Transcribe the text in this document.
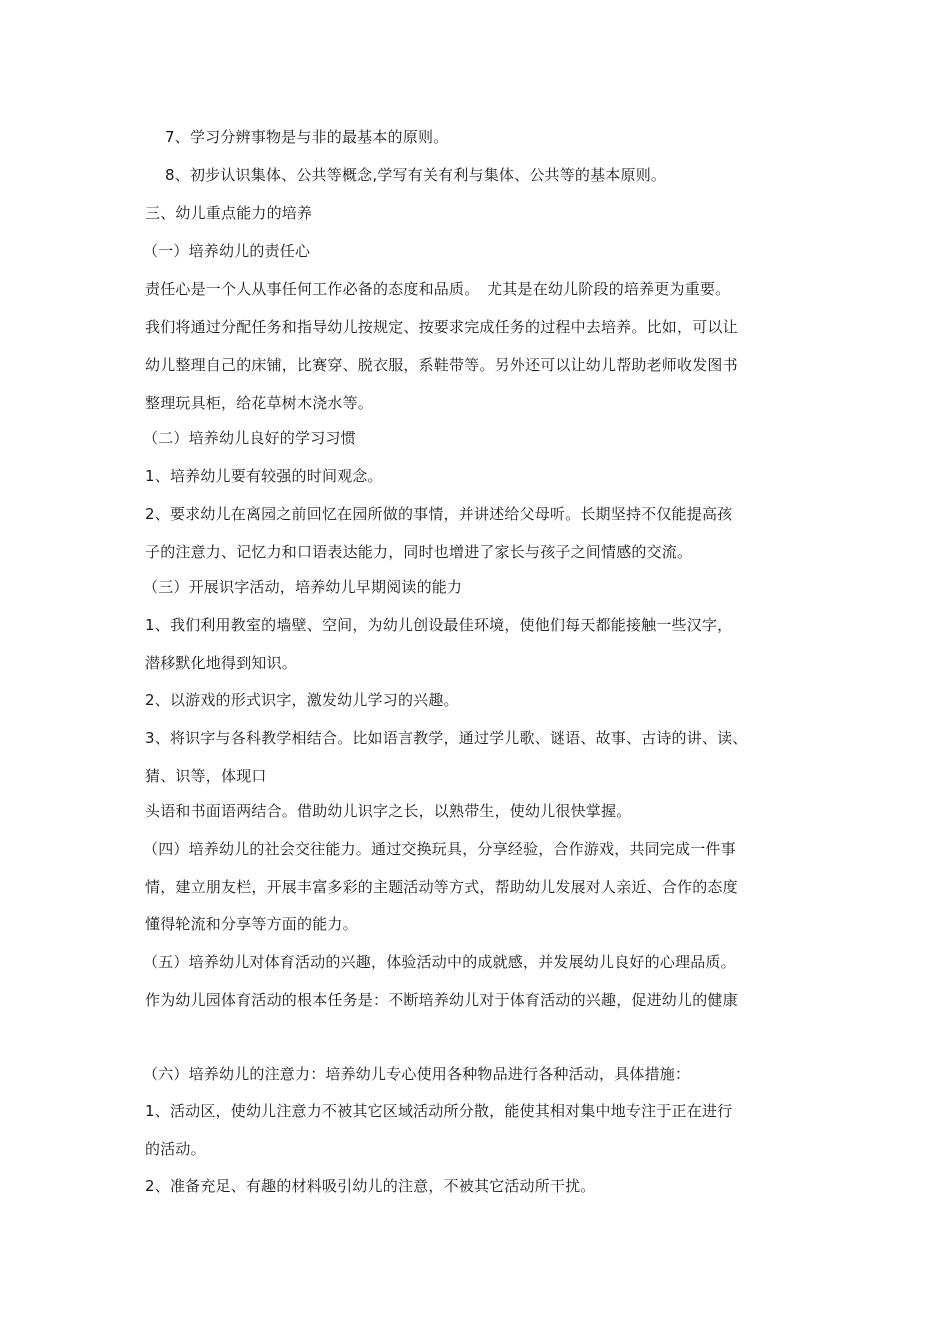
7、学习分辨事物是与非的最基本的原则。
8、初步认识集体、公共等概念,学写有关有利与集体、公共等的基本原则。
三、幼儿重点能力的培养
（一）培养幼儿的责任心
责任心是一个人从事任何工作必备的态度和品质。　尤其是在幼儿阶段的培养更为重要。
我们将通过分配任务和指导幼儿按规定、按要求完成任务的过程中去培养。比如，可以让
幼儿整理自己的床铺，比赛穿、脱衣服，系鞋带等。另外还可以让幼儿帮助老师收发图书
整理玩具柜，给花草树木浇水等。
（二）培养幼儿良好的学习习惯
1、培养幼儿要有较强的时间观念。
2、要求幼儿在离园之前回忆在园所做的事情，并讲述给父母听。长期坚持不仅能提高孩
子的注意力、记忆力和口语表达能力，同时也增进了家长与孩子之间情感的交流。
（三）开展识字活动，培养幼儿早期阅读的能力
1、我们利用教室的墙壁、空间，为幼儿创设最佳环境，使他们每天都能接触一些汉字，
潜移默化地得到知识。
2、以游戏的形式识字，激发幼儿学习的兴趣。
3、将识字与各科教学相结合。比如语言教学，通过学儿歌、谜语、故事、古诗的讲、读、
猜、识等，体现口
头语和书面语两结合。借助幼儿识字之长，以熟带生，使幼儿很快掌握。
（四）培养幼儿的社会交往能力。通过交换玩具，分享经验，合作游戏，共同完成一件事
情，建立朋友栏，开展丰富多彩的主题活动等方式，帮助幼儿发展对人亲近、合作的态度
懂得轮流和分享等方面的能力。
（五）培养幼儿对体育活动的兴趣，体验活动中的成就感，并发展幼儿良好的心理品质。
作为幼儿园体育活动的根本任务是：不断培养幼儿对于体育活动的兴趣，促进幼儿的健康
（六）培养幼儿的注意力：培养幼儿专心使用各种物品进行各种活动，具体措施：
1、活动区，使幼儿注意力不被其它区域活动所分散，能使其相对集中地专注于正在进行
的活动。
2、准备充足、有趣的材料吸引幼儿的注意，不被其它活动所干扰。
